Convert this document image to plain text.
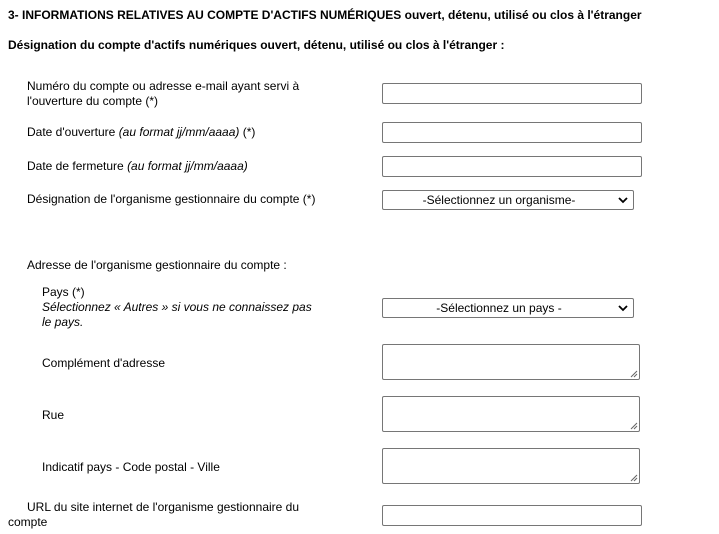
3- INFORMATIONS RELATIVES AU COMPTE D'ACTIFS NUMÉRIQUES ouvert, détenu, utilisé ou clos à l'étranger
Désignation du compte d'actifs numériques ouvert, détenu, utilisé ou clos à l'étranger :
Numéro du compte ou adresse e-mail ayant servi à
l'ouverture du compte (*)
Date d'ouverture (au format jj/mm/aaaa) (*)
Date de fermeture (au format jj/mm/aaaa)
Désignation de l'organisme gestionnaire du compte (*)	-Sélectionnez un organisme-
Adresse de l'organisme gestionnaire du compte :
Pays (*)
Sélectionnez « Autres » si vous ne connaissez pas
le pays.
-Sélectionnez un pays -
Complément d'adresse
Rue
Indicatif pays - Code postal - Ville
URL du site internet de l'organisme gestionnaire du
compte
